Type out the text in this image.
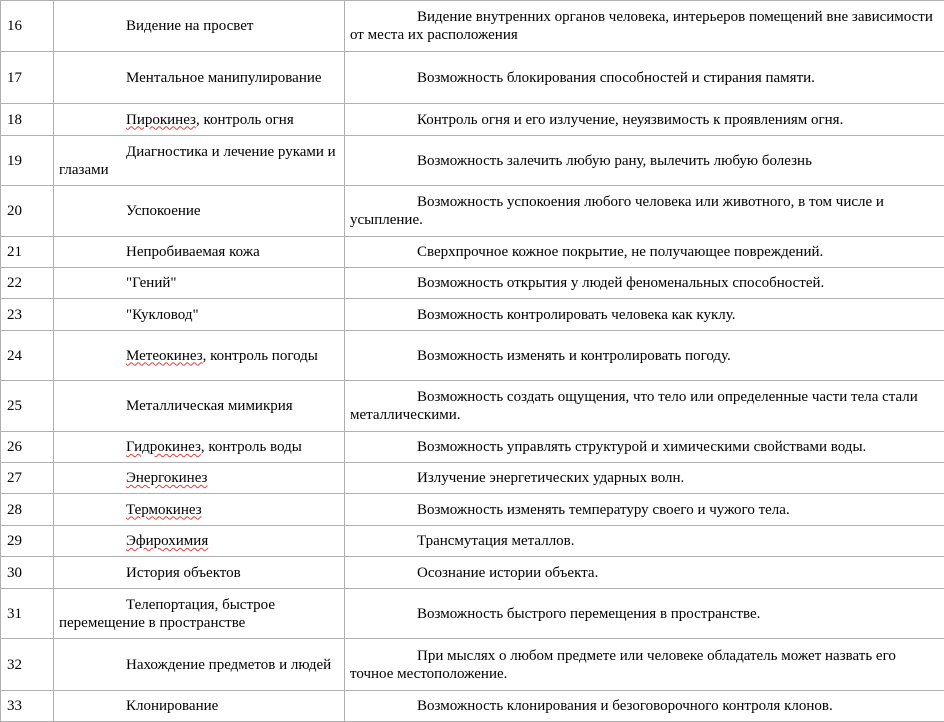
16	Видение на просвет	Видение внутренних органов человека, интерьеров помещений вне зависимости от места их расположения
17	Ментальное манипулирование	Возможность блокирования способностей и стирания памяти.
18	Пирокинез, контроль огня	Контроль огня и его излучение, неуязвимость к проявлениям огня.
19	Диагностика и лечение руками и глазами	Возможность залечить любую рану, вылечить любую болезнь
20	Успокоение	Возможность успокоения любого человека или животного, в том числе и усыпление.
21	Непробиваемая кожа	Сверхпрочное кожное покрытие, не получающее повреждений.
22	"Гений"	Возможность открытия у людей феноменальных способностей.
23	"Кукловод"	Возможность контролировать человека как куклу.
24	Метеокинез, контроль погоды	Возможность изменять и контролировать погоду.
25	Металлическая мимикрия	Возможность создать ощущения, что тело или определенные части тела стали металлическими.
26	Гидрокинез, контроль воды	Возможность управлять структурой и химическими свойствами воды.
27	Энергокинез	Излучение энергетических ударных волн.
28	Термокинез	Возможность изменять температуру своего и чужого тела.
29	Эфирохимия	Трансмутация металлов.
30	История объектов	Осознание истории объекта.
31	Телепортация, быстрое перемещение в пространстве	Возможность быстрого перемещения в пространстве.
32	Нахождение предметов и людей	При мыслях о любом предмете или человеке обладатель может назвать его точное местоположение.
33	Клонирование	Возможность клонирования и безоговорочного контроля клонов.
